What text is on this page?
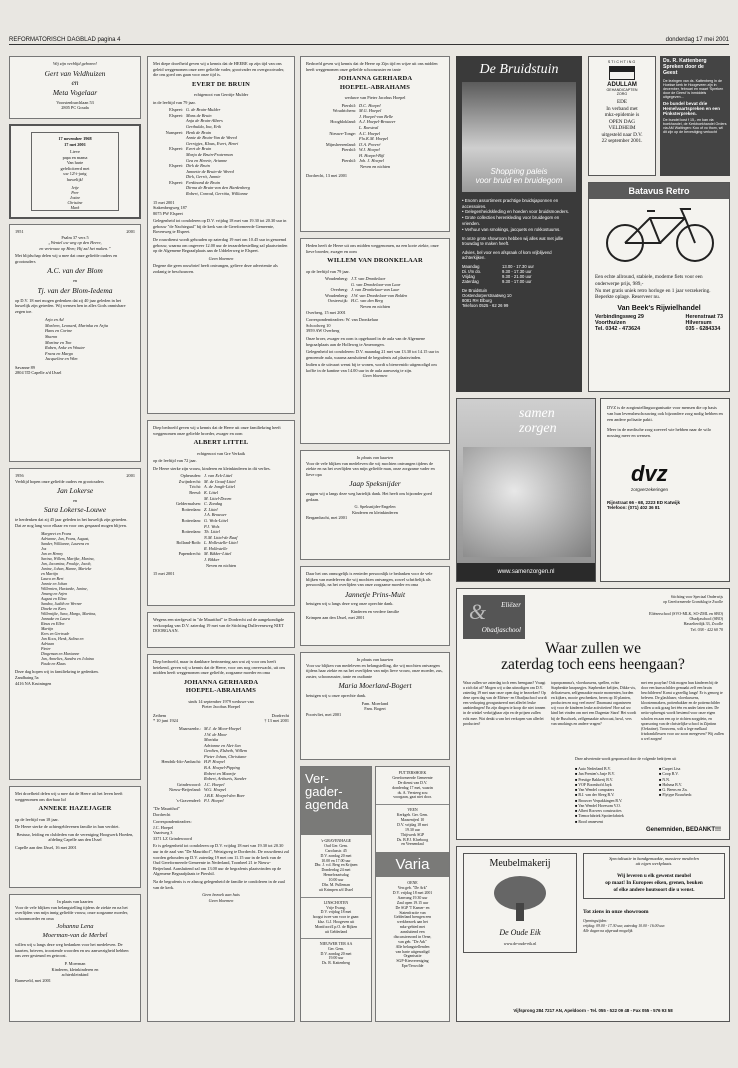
REFORMATORISCH DAGBLAD pagina 4	donderdag 17 mei 2001
Wij zijn verblijd geboren!
Gert van Veldhuizen
en
Meta Vogelaar
Voorstenburchlaan 53
2805 PC Gouda
17 november 1968
17 mei 2001
Lieve
papa en mama
Van harte
gefeliciteerd met
uw 12½-jarig
huwelijk!
Jetje
Peer
Josine
Christine
Mark
1951	2001
Psalm 37 vers 5
„Wentel uw weg op den Heere,
en vertrouw op Hem; Hij zal het maken.”
Met blijdschap delen wij u mee dat onze geliefde ouders en grootouders
A.C. van der Blom
en
Tj. van der Blom-Iedema
op D.V. 18 mei mogen gedenken dat zij 40 jaar geleden in het huwelijk zijn getreden. Wij wensen hen in alles Gods onmisbare zegen toe.
Arja en Ad
Marleen, Leonard, Marinka en Arjia
Hans en Corine
Sharon
Martine en Ton
Ruben, Anke en Wouter
Frans en Margo
Jacqueline en Wim
Savanne 89
2804 TD Capelle a/d IJssel
1956	2001
Verblijd hopen onze geliefde ouders en grootouders
Jan Lokerse
en
Sara Lokerse-Louwe
te herdenken dat zij 45 jaar geleden in het huwelijk zijn getreden.
Dat ze nog lang voor elkaar en voor ons gespaard mogen blijven.
Margreet en Frans
Adrianne, Jan, Frans, August,
Sander, Willianne, Laurens en
Jos
Jan en Henny
Sarina, Willem, Marijke, Marina,
Jan, Jacomina, Froukje, Jacob,
Janine, Johan, Hanne, Marieke
en Martijn
Laura en Bert
Jannie en Johan
Willemien, Harianke, Janine,
Jimeng en Arjen
August en Elina
Sandra, Judith en Werner
Dineke en Kees
Willemijke, Sara, Margo, Martina,
Jannake en Laura
Rinus en Ellen
Martijn
Kees en Gertrude
Jan Koos, Henk, Salina en
Adriaan
Pieter
Dingeman en Marianne
Jan, Annelies, Sandra en Jolaina
Paula en Klaas
Deze dag hopen wij in familiekring te gedenken.
Zandbaing 5a
4416 NA Kruiningen
Met droefheid delen wij u mee dat de Heere uit het leven heeft weggenomen ons dierbaar lid
ANNEKE HAZEJAGER
op de leeftijd van 18 jaar.
De Heere sterke de achtergeblevenen familie in hun verdriet.
Bestuur, leiding en clubleden van de vereniging Hoogwerk Hoeden, afdeling Capelle aan den IJssel
Capelle aan den IJssel, 16 mei 2001
In plaats van kaarten
Voor de vele blijken van belangstelling tijdens de ziekte en na het overlijden van mijn innig geliefde vrouw, onze zorgzame moeder, schoonmoeder en oma
Johanna Lena
Moerman-van de Merbel
willen wij u langs deze weg bedanken voor het medeleven. De kaarten, brieven, troostende woorden en uw aanwezigheid hebben ons zeer gesteund en getroost.
P. Moerman
Kinderen, kleinkinderen en
achterkleinkind
Barneveld, mei 2001
Met diepe droefheid geven wij u kennis dat de HEERE op zijn tijd van ons geleid weggenomen onze zeer geliefde vader, grootvader en overgrootvader, die ons goed ons gaan voor onze tijd is.
EVERT DE BRUIN
echtgenoot van Gerritje Mulder
in de leeftijd van 79 jaar.
Elspeet: G. de Bruin-Mulder
Elspeet: Mans de Bruin
Anja de Bruin-Albers
Gerthulda, Ina, Erik
Nunspeet: Henk de Bruin
Annie de Bruin-Van de Weerd
Gerrigjes, Klaas, Evert, Henri
Elspeet: Evert de Bruin
Marja de Bruin-Fraterman
Gea en Henrie, Arianne
Elspeet: Dirk de Bruin
Jannette de Bruin-de Weerd
Dirk, Gerrit, Jannie
Elspeet: Ferdinand de Bruin
Dirma de Bruin-van den Hardenberg
Robert, Conrad, Gerritia, Willianne
15 mei 2001
Stakenbergweg 187
8075 PW Elspeet
Gelegenheid tot condoleren op D.V. vrijdag 18 mei van 19.30 tot 20.30 uur in gebouw "de Nachtegaal" bij de kerk van de Gereformeerde Gemeente, Bovenweg te Elspeet.
De rouwdienst wordt gehouden op zaterdag 19 mei om 10.45 uur in genoemd gebouw, waarna om ongeveer 12.00 uur de teraardebestelling zal plaatsvinden op de Algemene Begraafplaats aan de Uddelerweg te Elspeet.
Geen bloemen
Degene die geen rouwbrief heeft ontvangen, gelieve deze advertentie als zodanig te beschouwen.
Diep bedroefd geven wij u kennis dat de Heere uit onze familiekring heeft weggenomen onze geliefde broeder, zwager en oom
ALBERT LITTEL
echtgenoot van Gre Verkaik
op de leeftijd van 72 jaar.
De Heere sterke zijn vrouw, kinderen en kleinkinderen in dit verlies.
Opheusden: J. van Eck-Littel
Zwijndrecht: M. de Graaf-Littel
Tricht: A. de Jongh-Littel
Beesd: K. Littel
M. Littel-Doorn
Geldermalsen: C. Zondag
Rotterdam: Z. Littel
J.A. Brouwer
Rotterdam: G. Wols-Littel
P.J. Wols
Rotterdam: Th. Littel
N.M. Littel-de Raaf
Bolland-Rotb: L. Hollestelle-Littel
R. Hollestelle
Papendrecht: M. Bikker-Littel
J. Bikker
Neven en nichten
15 mei 2001
Wegens een sterfgeval in "de Maurithof" te Dordrecht zal de aangekondigde verkoopdag van D.V. zaterdag 19 mei van de Stichting Dulleveneweg NIET DOORGAAN.
Diep bedroefd, maar in dankbare herinnering aan wat zij voor ons heeft betekend, geven wij u kennis dat de Heere, voor ons nog onverwacht, uit ons midden heeft weggenomen onze geliefde, zorgzame moeder en oma
JOHANNA GERHARDA
HOEPEL-ABRAHAMS
sinds 14 september 1979 weduwe van
Pieter Jacobus Hoepel
Zeihem	Dordrecht
* 10 juni 1924	† 13 mei 2001
Maarssenbr.: M.J. de Moor-Hoepel
J.W. de Moor
Mariska
Adrianne en Alet-Jan
Gerdien, Elsbeth, Willem
Pieter Johan, Christiane
Hendrik-Ido-Ambacht: H.P. Hoepel
B.A. Hoepel-Pipping
Robert en Maartje
Robert, Arthuris, Sander
Grindewoord: J.C. Hoepel
Nieuw-Beijerland: W.G. Hoepel
J.B.E. Hoepel-den Boer
's-Gravendeel: P.J. Hoepel
"De Maurithof"
Dordrecht
Correspondentieadres:
J.C. Hoepel
Vaartweg 3
3371 LZ Grindewoord
Er is gelegenheid tot condoleren op D.V. vrijdag 18 mei van 19.30 tot 20.30 uur in de zaal van "De Maurithof", Weizigweg te Dordrecht. De rouwdienst zal worden gehouden op D.V. zaterdag 19 mei om 11.15 uur in de kerk van de Oud Gereformeerde Gemeente in Nederland, Toonbeel 21 te Nieuw-Beijerland. Aansluitend zal om 13.00 uur de begrafenis plaatsvinden op de Algemene Begraafplaats te Piershil.
Na de begrafenis is er alsnog gelegenheid de familie te condoleren in de zaal van de kerk.
Geen bezoek aan huis
Geen bloemen
Bedroefd geven wij kennis dat de Heere op Zijn tijd en wijze uit ons midden heeft weggenomen onze geliefde schoonzuster en tante
JOHANNA GERHARDA
HOEPEL-ABRAHAMS
weduwe van Pieter Jacobus Hoepel
Piershil: D.C. Hoepel
Woudrichem: M.G. Hoepel
J. Hoepel-van Belle
Hoogblokland: A.J. Hoepel-Brouwer
L. Roestval
Nieuwe-Tonge: A.C. Hoepel
Flo.K.M. Hoepel
Mijnsheerenland: IJ.A. Poveré
Piershil: W.J. Hoepel
H. Hoepel-Bijl
Piershil: Joh. J. Hoepel
Neven en nichten
Dordrecht, 13 mei 2001
Heden heeft de Heere uit ons midden weggenomen, na een korte ziekte, onze lieve broeder, zwager en oom
WILLEM VAN DRONKELAAR
op de leeftijd van 79 jaar.
Woudenberg: J.T. van Dronkelaar
G. van Dronkelaar-van Laar
Overberg: J. van Dronkelaar-van Laar
Woudenberg: J.W. van Dronkelaar-van Bolden
Oosterwijk: H.C. van den Berg
Neven en nichten
Overberg, 15 mei 2001
Correspondentieadres: W. van Dronkelaar
Schoolweg 10
3959 AW Overberg
Onze broer, zwager en oom is opgebaard in de aula van de Algemene begraafplaats aan de Hollewrg te Amerongen.
Gelegenheid tot condoleren: D.V. maandag 21 mei van 13.30 tot 14.15 uur in genoemde aula, waarna aansluitend de begrafenis zal plaatsvinden.
Indien u de uitvaart wenst bij te wonen, wordt u bienvenido uitgenodigd om koffie in de kantine van 14.00 uur in de aula aanwezig te zijn.
Geen bloemen
In plaats van kaarten
Voor de vele blijken van medeleven die wij mochten ontvangen tijdens de ziekte en na het overlijden van mijn geliefde man, onze zorgzame vader en lieve opa
Jaap Speksnijder
zeggen wij u langs deze weg hartelijk dank. Het heeft ons bijzonder goed gedaan.
G. Speksnijder-Engelen
Kinderen en kleinkinderen
Bergambacht, mei 2001
Daar het ons onmogelijk is eenieder persoonlijk te bedanken voor de vele blijken van medeleven die wij mochten ontvangen, zowel schriftelijk als persoonlijk, na het overlijden van onze zorgzame moeder en oma
Jannetje Prins-Muit
betuigen wij u langs deze weg onze oprechte dank.
Kinderen en verdere familie
Krimpen aan den IJssel, mei 2001
In plaats van kaarten
Voor uw blijken van medeleven en belangstelling, die wij mochten ontvangen tijdens haar ziekte en na het overlijden van mijn lieve vrouw, onze moeder, zus, zuster, schoonzuster, tante en oudtante
Maria Moerland-Bogert
betuigen wij u onze oprechte dank.
Fam. Moerland
Fam. Bogert
Poortvliet, mei 2001
Ver-
gader-
agenda
's-GRAVENHAGE
Oud Ger. Gem.
Carolusstr. 45
D.V. zondag 20 mei
10.00 en 17.00 uur
Dhr. J. v.d. Berg en Krijnen
Donderdag 24 mei
Hemelvaartsdag
10.00 uur
Dhr. M. Pulleman
uit Krimpen a/d IJssel
LINSCHOTEN
Vrije Evang.
D.V. vrijdag 18 mei
hoogst twee van voor te gaan:
klsz. G.J. Hoogeven uit
Montfoort/J.p.O. de Rijken
uit Gelderland
NIEUWER TER AA
Ger. Gem.
D.V. zondag 20 mei
19.00 uur
Ds. R. Kattenberg
PUTTERSHOEK
Gereformeerde Gemeente
De dienst van D.V.
donderdag 17 mei, waarin
ds. A. Versteeg zou
voorgaan, gaat niet door.
VEEN
Kerkgeb. Ger. Gem.
Maasentjesl 10
D.V. vrijdag 18 mei
19.30 uur
Thijtwerk SGP
Ds. B.P.J. Kloeboog
en Veenendaal
Varia
OENE
Verr.geb. "De Ark"
D.V. vrijdag 18 mei 2001
Aanvang 19.30 uur
Zaal open 19.15 uur
De SGP 'T Kamer- en
Statenfractie van
Gelderland brengen een
werkbezoek aan het
mkz-gebied met
aansluitend een
discussieavond in Oene,
van geb. "De Ark"
Alle belangstellenden
van harte uitgenodigd
Organisatie
SGP-Kiesvereniging
Epe/Terwolde
De Bruidstuin
Shopping paleis
voor bruid en bruidegom
• Enorm assortiment prachtige bruidsjaponnen en accessoires.
• Gelegenheidskleding en hoeden voor bruidsmoeders.
• Grote collecties herenkleding voor bruidegom en vrienden.
• Verhuur van smokings, jacquets en rokkostuums.
In onze grote showroom hebben wij alles wat met jullie trouwdag te maken heeft.
Advies, bel voor een afspraak of kom vrijblijvend achterkijken.
Maandag	13.00 - 17.30 uur
Di. t/m do.	9.30 - 17.30 uur
Vrijdag	9.30 - 21.00 uur
Zaterdag	9.30 - 17.00 uur
De Bruidstuin
Oostendorperstraatweg 10
8081 RH Elburg
Telefoon 0525 - 62 26 99
STICHTING
ADULLAM
GEHANDICAPTEN
ZORG
EDE
In verband met
mkz-epidemie is
OPEN DAG
VELDHEIM
uitgesteld naar D.V.
22 september 2001.
Ds. R. Kattenberg
Spreken door de
Geest
De lezingen van ds. Kattenberg in de Hoekse kerk te Hoogeveen zijn in december, februari en maart 'Spreken door de Geest' is inmiddels uitgegeven...
De bundel bevat drie Hemelvaartspreken en een Pinksterpreken.
De bundel kost f 15,- en kan via boekhandel, de Kerkboekhandel Orders via AM Waltingen: Koo of vo thom, wil dit zijn op de bevestiging verkocht
Batavus Retro
Een echte allround, stabiele, moderne fiets voor een onderwerpe prijs, 989,-
Nu met gratis uniek retro horloge en 1 jaar verzekering.
Beperkte oplage. Reserveer nu.
Van Beek's Rijwielhandel
Verbindingsweg 29
Voorthuizen
Tel. 0342 - 473624
Herenstraat 73
Hilversum
035 - 6284334
samen
zorgen
www.samenzorgen.nl
DVZ is de zorginstellingsorganisatie voor mensen die op basis van hun levensbeschouwing ook bijzondere zorg nodig hebben en een andere polisatie pakti.
Meer in de medische zorg zoeveel wie hebben naar de wilo nossing meer en wensen.
dvz
zorgverzekeringen
Rijnstraat 66 - 68, 2223 ED Katwijk
Telefoon: (071) 402 36 81
& Eliëzer
Obadjaschool
Stichting voor Speciaal Onderwijs
op Gereformeerde Grondslag te Zwolle
Eliëzerschool (SVO-MLK, SO-ZML en SBO)
Obadjaschool (SBO)
Hasselterdijk 33, Zwolle
Tel. 038 - 422 60 70
Waar zullen we
zaterdag toch eens heengaan?
Waar zullen we zaterdag toch eens heengaan? Vraagt u zich dat af? Mogen wij u dan uitnodigen om D.V. zaterdag 19 mei naar onze open dag te bezoeken? Op deze open dag van de Eliëzer- en Obadjaschool wordt een verkoping georganiseerd met allerlei leuke aanbiedingen! En zijn dingen te koop die niet tonnen in de winkel verkrijgbaar zijn en de prijzen zullen echt mee. Wat denkt u van het verkopen van allerlei producten?
topropramma's, vloerkussens, spellen, echte Stapbenkte knapsegjes. Stapbenker kelijtes, Dikke vis, delicatessen, zelfgemaakte mooie momenten, borden en kijkers, mooie geschenken, beren op 10 planten, producten en nog veel meer! Daarnaast organiseren wij voor de kinderen leuke activiteiten! Hoe zal uw kind het vinden om met een Dagentar Stars! Het wordt bij de Buschoek, zelfgemaakte advocaat, bowl, vers van smokings en andere vragen?
met een poaylan! Ook mogen hun kinderen bij de door een kunsschilder gemaakt zelf een bruin beschilderen! Komt u gezellig langs! Er is genoeg te beleven. De glasblazer, vloerkussens, kloostenmakers, pottenbakker en de pottenschilder willen u ook graag het één en ander laten zien. De netto-opbrengst wordt bestemd voor onze eigen scholen en aan een op te richten zorgplein, en sponsoring van de christelijke school in Zijntinn (Oekraïne). Trouwens, wilt u lege melkaal frisdrankflessen voor uw zoon meegeven? Wij zullen u wel zorgen!
Deze advertentie wordt gesponsord door de volgende bedrijven uit
■ Auto Nederland B.V.
■ Jan Prenten's Jasje B.V.
■ Prestige Bakkerij B.V.
■ VOF Boomhofd Jayk
■ Van Wendel computers
■ B.J. van der Sleeg B.V.
■ Brouwer Verpakkingen B.V.
■ Van Wendel Hovesom V.O.
■ Albert Roovers constructies
■ Tiemorfabriek Spotterfabriek
■ Rood omnevent
■ Carpet Lisa
■ Coop B.V.
■ N.N.
■ Halsma B.V.
■ G. Beens en Zn.
■ Flytype Bouwbedr.
Genemniden, BEDANKT!!!
Meubelmakerij
De Oude Eik
www.de-oude-eik.nl
Specialisatie in handgemaakte, massieve meubelen
uit eigen werkplaats.
Wij leveren u elk gewenst meubel
op maat! In Europees eiken, grenen, beuken
of elke andere houtsoort die u wenst.
Tot ziens in onze showroom
Openingstijden:
vrijdag: 09.00 - 17.30 uur, zaterdag 10.00 - 16.00 uur.
Alle dagen na afspraak mogelijk.
Vijfsprong 284 7217 AN, Apeldoorn - Tel. 055 - 522 09 48 - Fax 055 - 576 93 58
